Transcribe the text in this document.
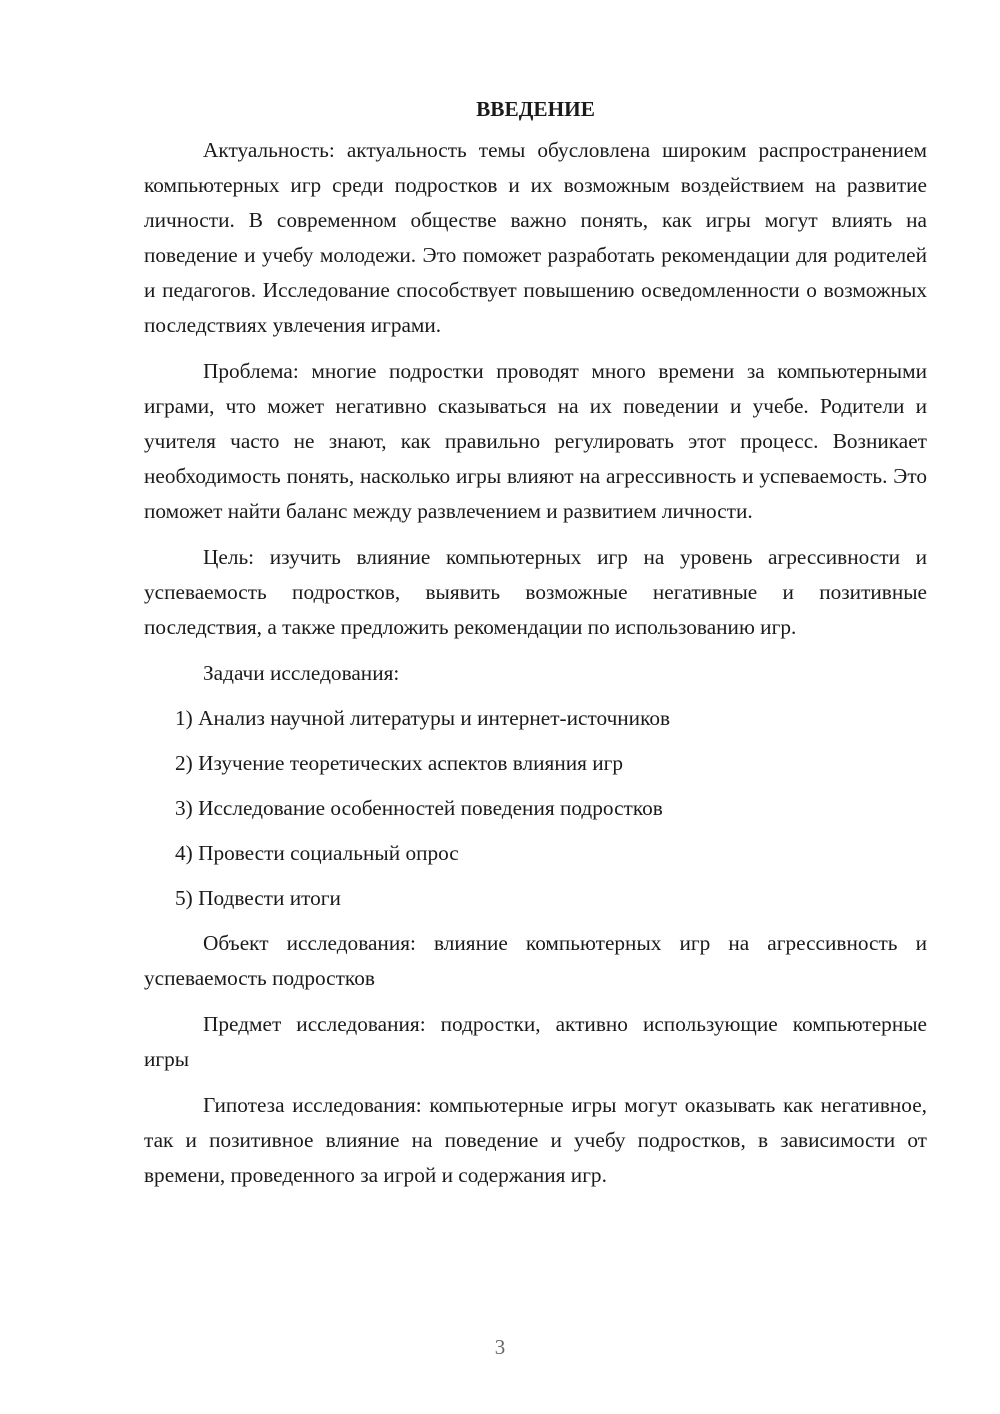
ВВЕДЕНИЕ

Актуальность: актуальность темы обусловлена широким распространением компьютерных игр среди подростков и их возможным воздействием на развитие личности. В современном обществе важно понять, как игры могут влиять на поведение и учебу молодежи. Это поможет разработать рекомендации для родителей и педагогов. Исследование способствует повышению осведомленности о возможных последствиях увлечения играми.

Проблема: многие подростки проводят много времени за компьютерными играми, что может негативно сказываться на их поведении и учебе. Родители и учителя часто не знают, как правильно регулировать этот процесс. Возникает необходимость понять, насколько игры влияют на агрессивность и успеваемость. Это поможет найти баланс между развлечением и развитием личности.

Цель: изучить влияние компьютерных игр на уровень агрессивности и успеваемость подростков, выявить возможные негативные и позитивные последствия, а также предложить рекомендации по использованию игр.

Задачи исследования:
1) Анализ научной литературы и интернет-источников
2) Изучение теоретических аспектов влияния игр
3) Исследование особенностей поведения подростков
4) Провести социальный опрос
5) Подвести итоги

Объект исследования: влияние компьютерных игр на агрессивность и успеваемость подростков

Предмет исследования: подростки, активно использующие компьютерные игры

Гипотеза исследования: компьютерные игры могут оказывать как негативное, так и позитивное влияние на поведение и учебу подростков, в зависимости от времени, проведенного за игрой и содержания игр.

3
